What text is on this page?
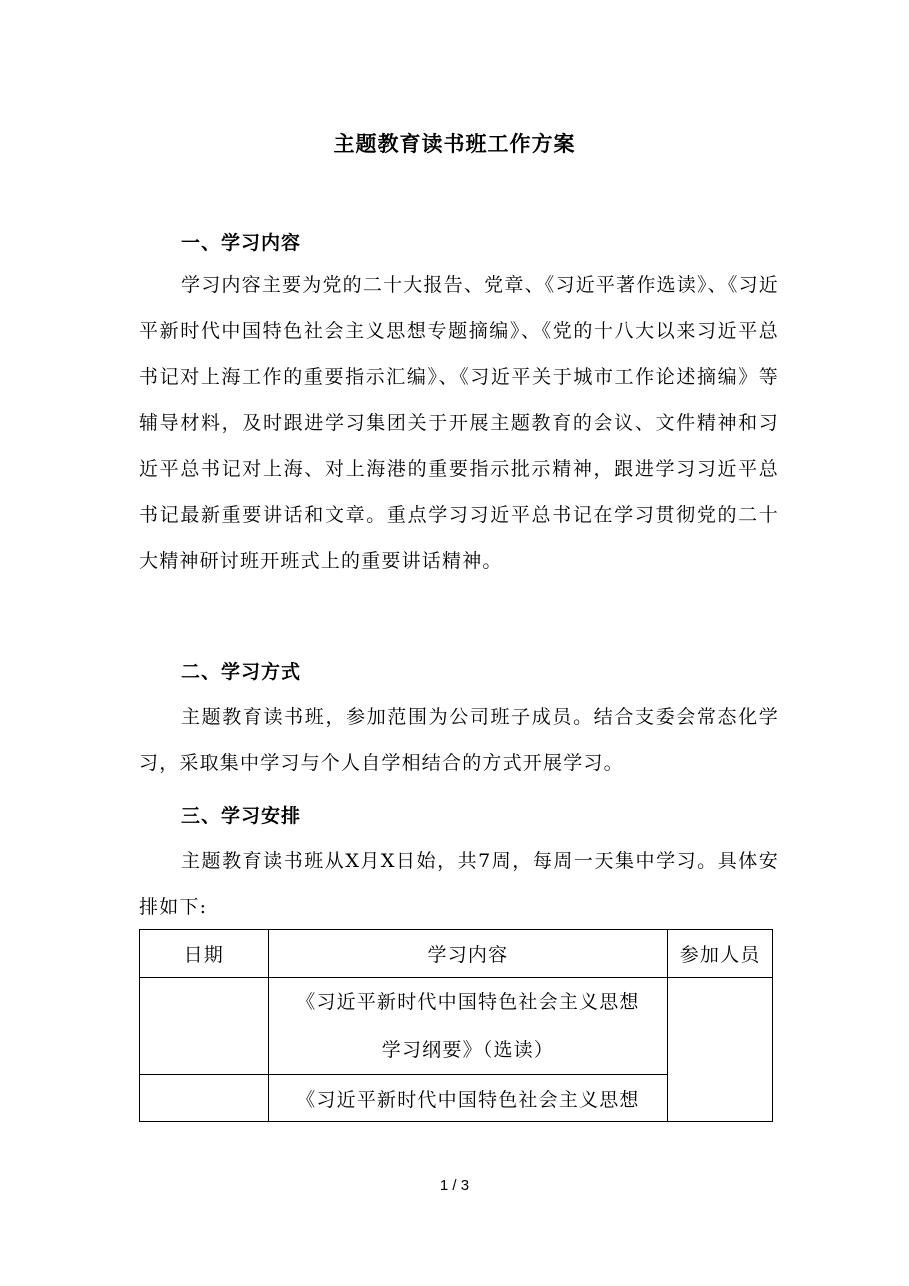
主题教育读书班工作方案
一、学习内容

学习内容主要为党的二十大报告、党章、《习近平著作选读》、《习近平新时代中国特色社会主义思想专题摘编》、《党的十八大以来习近平总书记对上海工作的重要指示汇编》、《习近平关于城市工作论述摘编》等辅导材料，及时跟进学习集团关于开展主题教育的会议、文件精神和习近平总书记对上海、对上海港的重要指示批示精神，跟进学习习近平总书记最新重要讲话和文章。重点学习习近平总书记在学习贯彻党的二十大精神研讨班开班式上的重要讲话精神。

二、学习方式

主题教育读书班，参加范围为公司班子成员。结合支委会常态化学习，采取集中学习与个人自学相结合的方式开展学习。

三、学习安排

主题教育读书班从X月X日始，共7周，每周一天集中学习。具体安排如下:

日期	学习内容	参加人员

	《习近平新时代中国特色社会主义思想
学习纲要》（选读）	

	《习近平新时代中国特色社会主义思想	
1 / 3
